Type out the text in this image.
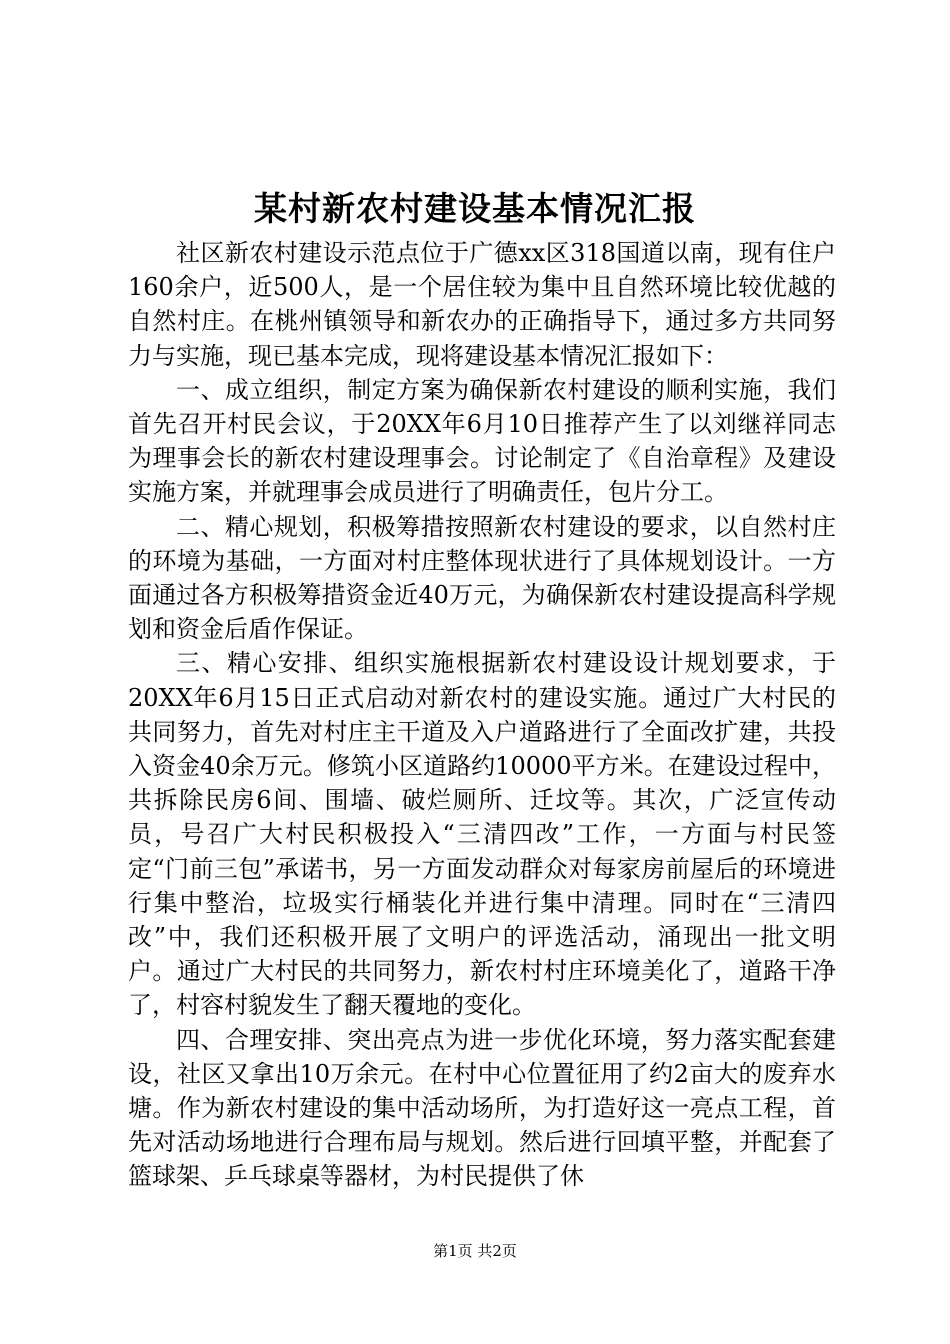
某村新农村建设基本情况汇报

社区新农村建设示范点位于广德xx区318国道以南，现有住户160余户，近500人，是一个居住较为集中且自然环境比较优越的自然村庄。在桃州镇领导和新农办的正确指导下，通过多方共同努力与实施，现已基本完成，现将建设基本情况汇报如下：

一、成立组织，制定方案为确保新农村建设的顺利实施，我们首先召开村民会议，于20XX年6月10日推荐产生了以刘继祥同志为理事会长的新农村建设理事会。讨论制定了《自治章程》及建设实施方案，并就理事会成员进行了明确责任，包片分工。

二、精心规划，积极筹措按照新农村建设的要求，以自然村庄的环境为基础，一方面对村庄整体现状进行了具体规划设计。一方面通过各方积极筹措资金近40万元，为确保新农村建设提高科学规划和资金后盾作保证。

三、精心安排、组织实施根据新农村建设设计规划要求，于20XX年6月15日正式启动对新农村的建设实施。通过广大村民的共同努力，首先对村庄主干道及入户道路进行了全面改扩建，共投入资金40余万元。修筑小区道路约10000平方米。在建设过程中，共拆除民房6间、围墙、破烂厕所、迁坟等。其次，广泛宣传动员，号召广大村民积极投入“三清四改”工作，一方面与村民签定“门前三包”承诺书，另一方面发动群众对每家房前屋后的环境进行集中整治，垃圾实行桶装化并进行集中清理。同时在“三清四改”中，我们还积极开展了文明户的评选活动，涌现出一批文明户。通过广大村民的共同努力，新农村村庄环境美化了，道路干净了，村容村貌发生了翻天覆地的变化。

四、合理安排、突出亮点为进一步优化环境，努力落实配套建设，社区又拿出10万余元。在村中心位置征用了约2亩大的废弃水塘。作为新农村建设的集中活动场所，为打造好这一亮点工程，首先对活动场地进行合理布局与规划。然后进行回填平整，并配套了篮球架、乒乓球桌等器材，为村民提供了休

第1页 共2页
